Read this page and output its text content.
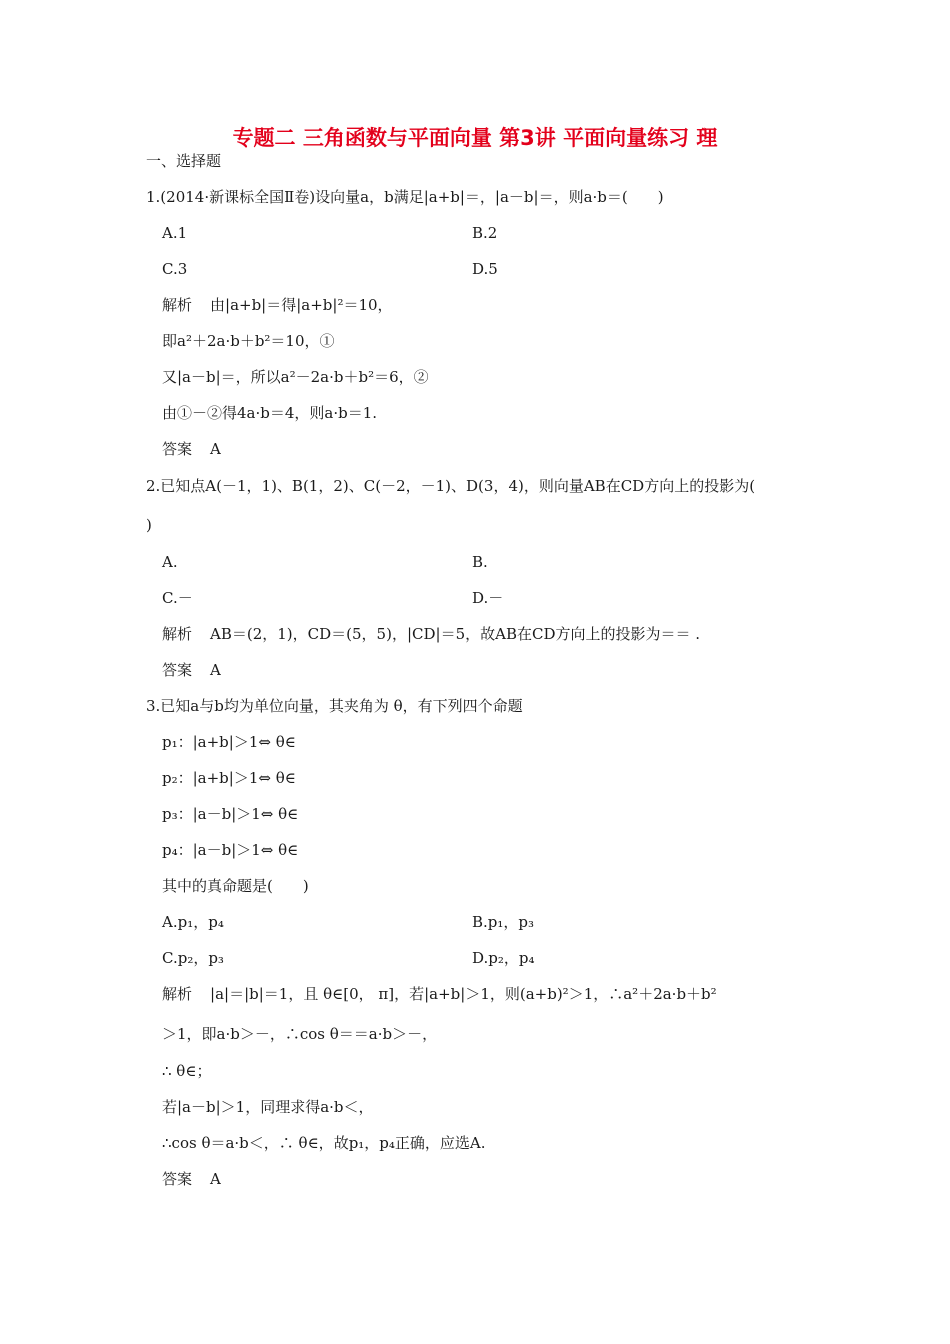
专题二 三角函数与平面向量 第3讲 平面向量练习 理
一、选择题
1.(2014·新课标全国Ⅱ卷)设向量a，b满足|a+b|＝，|a－b|＝，则a·b＝(　　)
A.1	B.2
C.3	D.5
解析 由|a+b|＝得|a+b|²＝10，
即a²＋2a·b＋b²＝10，①
又|a－b|＝，所以a²－2a·b＋b²＝6，②
由①－②得4a·b＝4，则a·b＝1.
答案 A
2.已知点A(－1，1)、B(1，2)、C(－2，－1)、D(3，4)，则向量AB在CD方向上的投影为(
)
A.	B.
C.－	D.－
解析 AB＝(2，1)，CD＝(5，5)，|CD|＝5，故AB在CD方向上的投影为＝＝ .
答案 A
3.已知a与b均为单位向量，其夹角为 θ，有下列四个命题
p₁：|a+b|＞1⇔ θ∈
p₂：|a+b|＞1⇔ θ∈
p₃：|a－b|＞1⇔ θ∈
p₄：|a－b|＞1⇔ θ∈
其中的真命题是(　　)
A.p₁，p₄	B.p₁，p₃
C.p₂，p₃	D.p₂，p₄
解析 |a|＝|b|＝1，且 θ∈[0， π]，若|a+b|＞1，则(a+b)²＞1，∴a²＋2a·b＋b²
＞1，即a·b＞－，∴cos θ＝＝a·b＞－，
∴ θ∈；
若|a－b|＞1，同理求得a·b＜，
∴cos θ＝a·b＜，∴ θ∈，故p₁，p₄正确，应选A.
答案 A
